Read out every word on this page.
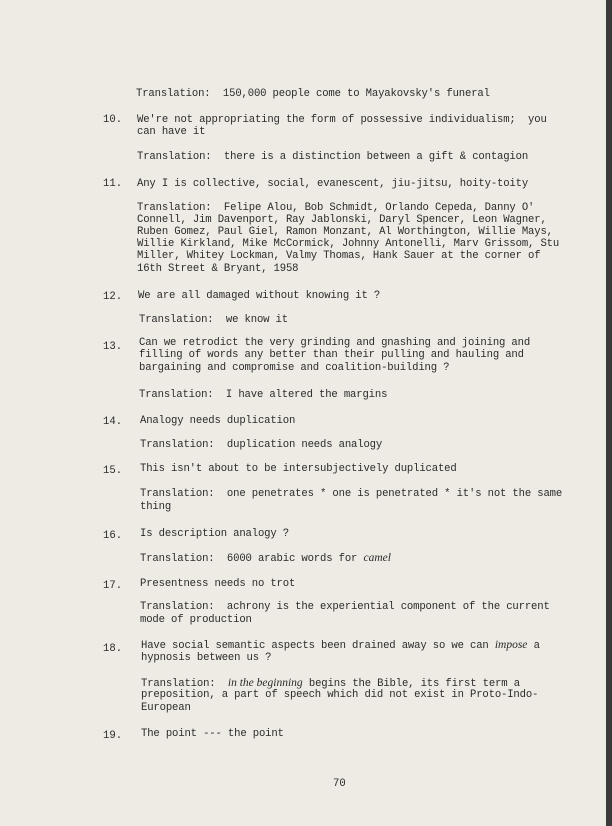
Translation:  150,000 people come to Mayakovsky's funeral
10. We're not appropriating the form of possessive individualism;  you
can have it
Translation:  there is a distinction between a gift & contagion
11. Any I is collective, social, evanescent, jiu-jitsu, hoity-toity
Translation:  Felipe Alou, Bob Schmidt, Orlando Cepeda, Danny O'
Connell, Jim Davenport, Ray Jablonski, Daryl Spencer, Leon Wagner,
Ruben Gomez, Paul Giel, Ramon Monzant, Al Worthington, Willie Mays,
Willie Kirkland, Mike McCormick, Johnny Antonelli, Marv Grissom, Stu
Miller, Whitey Lockman, Valmy Thomas, Hank Sauer at the corner of
16th Street & Bryant, 1958
12. We are all damaged without knowing it ?
Translation:  we know it
13. Can we retrodict the very grinding and gnashing and joining and
filling of words any better than their pulling and hauling and
bargaining and compromise and coalition-building ?
Translation:  I have altered the margins
14. Analogy needs duplication
Translation:  duplication needs analogy
15. This isn't about to be intersubjectively duplicated
Translation:  one penetrates * one is penetrated * it's not the same
thing
16. Is description analogy ?
Translation:  6000 arabic words for camel
17. Presentness needs no trot
Translation:  achrony is the experiential component of the current
mode of production
18. Have social semantic aspects been drained away so we can impose a
hypnosis between us ?
Translation:  in the beginning begins the Bible, its first term a
preposition, a part of speech which did not exist in Proto-Indo-
European
19. The point --- the point
70
